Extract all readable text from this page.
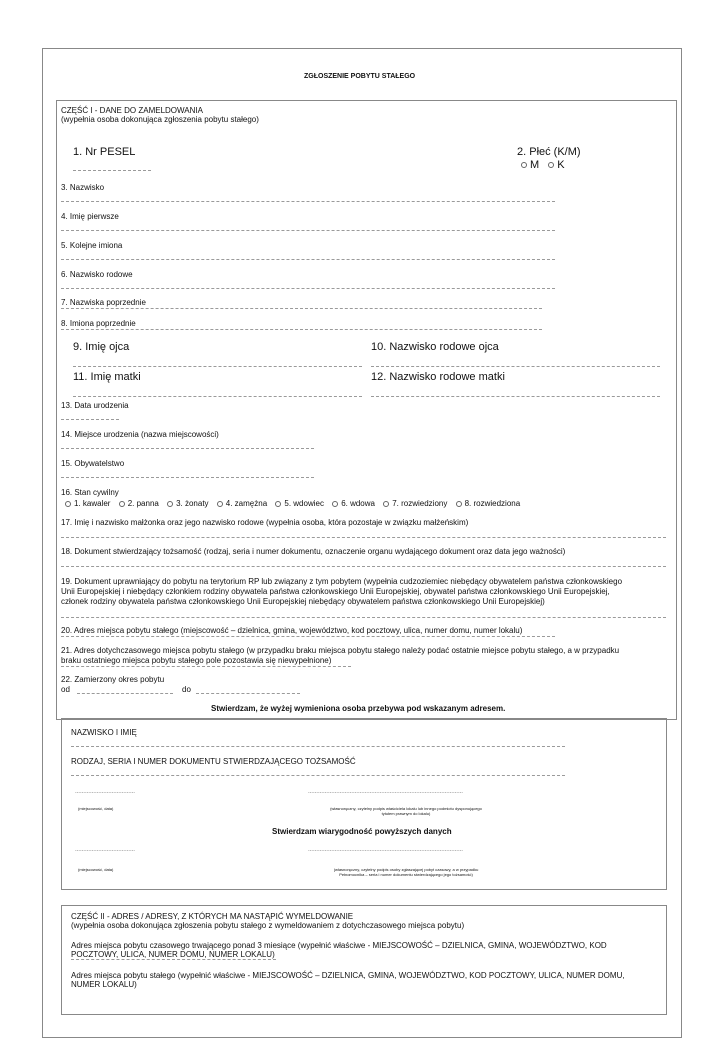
ZGŁOSZENIE POBYTU STAŁEGO
CZĘŚĆ I - DANE DO ZAMELDOWANIA
(wypełnia osoba dokonująca zgłoszenia pobytu stałego)
1. Nr PESEL	2. Płeć (K/M)
M K
3. Nazwisko
4. Imię pierwsze
5. Kolejne imiona
6. Nazwisko rodowe
7. Nazwiska poprzednie
8. Imiona poprzednie
9. Imię ojca	10. Nazwisko rodowe ojca
11. Imię matki	12. Nazwisko rodowe matki
13. Data urodzenia
14. Miejsce urodzenia (nazwa miejscowości)
15. Obywatelstwo
16. Stan cywilny
1. kawaler 2. panna 3. żonaty 4. zamężna 5. wdowiec 6. wdowa 7. rozwiedziony 8. rozwiedziona
17. Imię i nazwisko małżonka oraz jego nazwisko rodowe (wypełnia osoba, która pozostaje w związku małżeńskim)
18. Dokument stwierdzający tożsamość (rodzaj, seria i numer dokumentu, oznaczenie organu wydającego dokument oraz data jego ważności)
19. Dokument uprawniający do pobytu na terytorium RP lub związany z tym pobytem (wypełnia cudzoziemiec niebędący obywatelem państwa członkowskiego
Unii Europejskiej i niebędący członkiem rodziny obywatela państwa członkowskiego Unii Europejskiej, obywatel państwa członkowskiego Unii Europejskiej,
członek rodziny obywatela państwa członkowskiego Unii Europejskiej niebędący obywatelem państwa członkowskiego Unii Europejskiej)
20. Adres miejsca pobytu stałego (miejscowość – dzielnica, gmina, województwo, kod pocztowy, ulica, numer domu, numer lokalu)
21. Adres dotychczasowego miejsca pobytu stałego (w przypadku braku miejsca pobytu stałego należy podać ostatnie miejsce pobytu stałego, a w przypadku
braku ostatniego miejsca pobytu stałego pole pozostawia się niewypełnione)
22. Zamierzony okres pobytu
od	do
Stwierdzam, że wyżej wymieniona osoba przebywa pod wskazanym adresem.
NAZWISKO I IMIĘ
RODZAJ, SERIA I NUMER DOKUMENTU STWIERDZAJĄCEGO TOŻSAMOŚĆ
………………………………	…………………………………………………………………………………
(miejscowość, data)	(własnoręczny, czytelny podpis właściciela lokalu lub innego podmiotu dysponującego
tytułem prawnym do lokalu)
Stwierdzam wiarygodność powyższych danych
………………………………	…………………………………………………………………………………
(miejscowość, data)	(własnoręczny, czytelny podpis osoby zgłaszającej pobyt czasowy, a w przypadku
Pełnomocnika – seria i numer dokumentu stwierdzającego jego tożsamość)
CZĘŚĆ II - ADRES / ADRESY, Z KTÓRYCH MA NASTĄPIĆ WYMELDOWANIE
(wypełnia osoba dokonująca zgłoszenia pobytu stałego z wymeldowaniem z dotychczasowego miejsca pobytu)
Adres miejsca pobytu czasowego trwającego ponad 3 miesiące (wypełnić właściwe - MIEJSCOWOŚĆ – DZIELNICA, GMINA, WOJEWÓDZTWO, KOD
POCZTOWY, ULICA, NUMER DOMU, NUMER LOKALU)
Adres miejsca pobytu stałego (wypełnić właściwe - MIEJSCOWOŚĆ – DZIELNICA, GMINA, WOJEWÓDZTWO, KOD POCZTOWY, ULICA, NUMER DOMU,
NUMER LOKALU)
